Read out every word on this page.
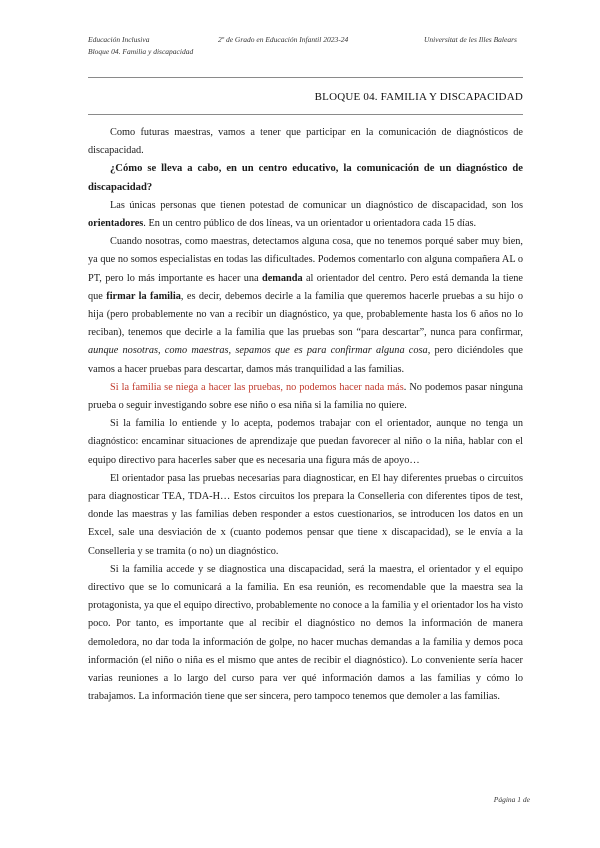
Educación Inclusiva
Bloque 04. Familia y discapacidad
2º de Grado en Educación Infantil 2023-24	Universitat de les Illes Balears
BLOQUE 04. FAMILIA Y DISCAPACIDAD

Como futuras maestras, vamos a tener que participar en la comunicación de diagnósticos de discapacidad.

¿Cómo se lleva a cabo, en un centro educativo, la comunicación de un diagnóstico de discapacidad?

Las únicas personas que tienen potestad de comunicar un diagnóstico de discapacidad, son los orientadores. En un centro público de dos líneas, va un orientador u orientadora cada 15 días.

Cuando nosotras, como maestras, detectamos alguna cosa, que no tenemos porqué saber muy bien, ya que no somos especialistas en todas las dificultades. Podemos comentarlo con alguna compañera AL o PT, pero lo más importante es hacer una demanda al orientador del centro. Pero está demanda la tiene que firmar la familia, es decir, debemos decirle a la familia que queremos hacerle pruebas a su hijo o hija (pero probablemente no van a recibir un diagnóstico, ya que, probablemente hasta los 6 años no lo reciban), tenemos que decirle a la familia que las pruebas son “para descartar”, nunca para confirmar, aunque nosotras, como maestras, sepamos que es para confirmar alguna cosa, pero diciéndoles que vamos a hacer pruebas para descartar, damos más tranquilidad a las familias.

Si la familia se niega a hacer las pruebas, no podemos hacer nada más. No podemos pasar ninguna prueba o seguir investigando sobre ese niño o esa niña si la familia no quiere.

Si la familia lo entiende y lo acepta, podemos trabajar con el orientador, aunque no tenga un diagnóstico: encaminar situaciones de aprendizaje que puedan favorecer al niño o la niña, hablar con el equipo directivo para hacerles saber que es necesaria una figura más de apoyo…

El orientador pasa las pruebas necesarias para diagnosticar, en El hay diferentes pruebas o circuitos para diagnosticar TEA, TDA-H… Estos circuitos los prepara la Conselleria con diferentes tipos de test, donde las maestras y las familias deben responder a estos cuestionarios, se introducen los datos en un Excel, sale una desviación de x (cuanto podemos pensar que tiene x discapacidad), se le envía a la Conselleria y se tramita (o no) un diagnóstico.

Si la familia accede y se diagnostica una discapacidad, será la maestra, el orientador y el equipo directivo que se lo comunicará a la familia. En esa reunión, es recomendable que la maestra sea la protagonista, ya que el equipo directivo, probablemente no conoce a la familia y el orientador los ha visto poco. Por tanto, es importante que al recibir el diagnóstico no demos la información de manera demoledora, no dar toda la información de golpe, no hacer muchas demandas a la familia y demos poca información (el niño o niña es el mismo que antes de recibir el diagnóstico). Lo conveniente sería hacer varias reuniones a lo largo del curso para ver qué información damos a las familias y cómo lo trabajamos. La información tiene que ser sincera, pero tampoco tenemos que demoler a las familias.

Página 1 de
